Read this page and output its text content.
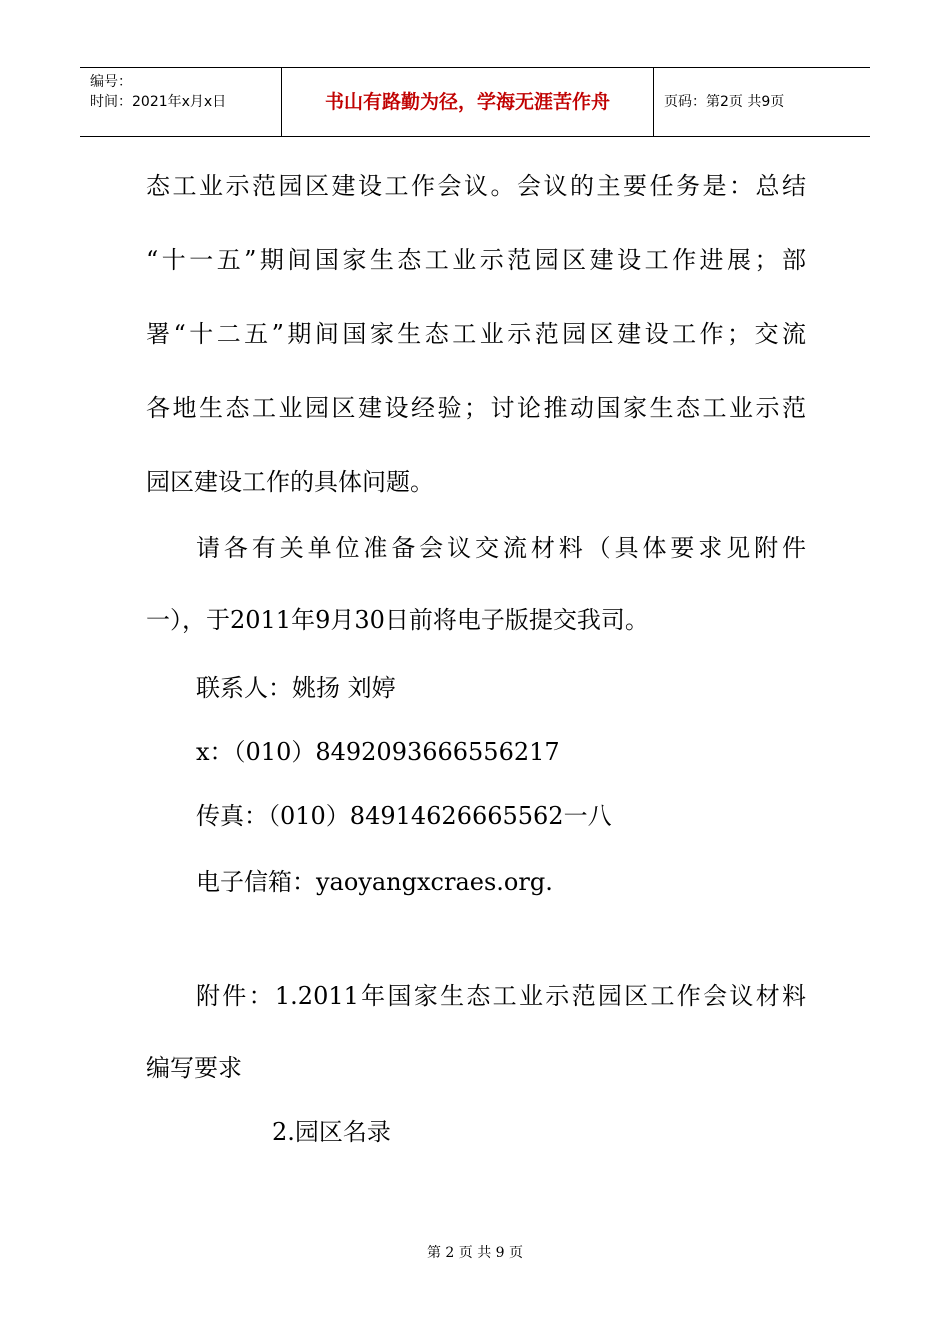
编号：
时间：2021年x月x日	书山有路勤为径，学海无涯苦作舟	页码：第2页 共9页
态工业示范园区建设工作会议。会议的主要任务是：总结
“十一五”期间国家生态工业示范园区建设工作进展；部
署“十二五”期间国家生态工业示范园区建设工作；交流
各地生态工业园区建设经验；讨论推动国家生态工业示范
园区建设工作的具体问题。
请各有关单位准备会议交流材料（具体要求见附件
一），于2011年9月30日前将电子版提交我司。
联系人：姚扬 刘婷
x：（010）8492093666556217
传真：（010）84914626665562一八
电子信箱：yaoyangxcraes.org.
附件：1.2011年国家生态工业示范园区工作会议材料
编写要求
2.园区名录
第 2 页 共 9 页
